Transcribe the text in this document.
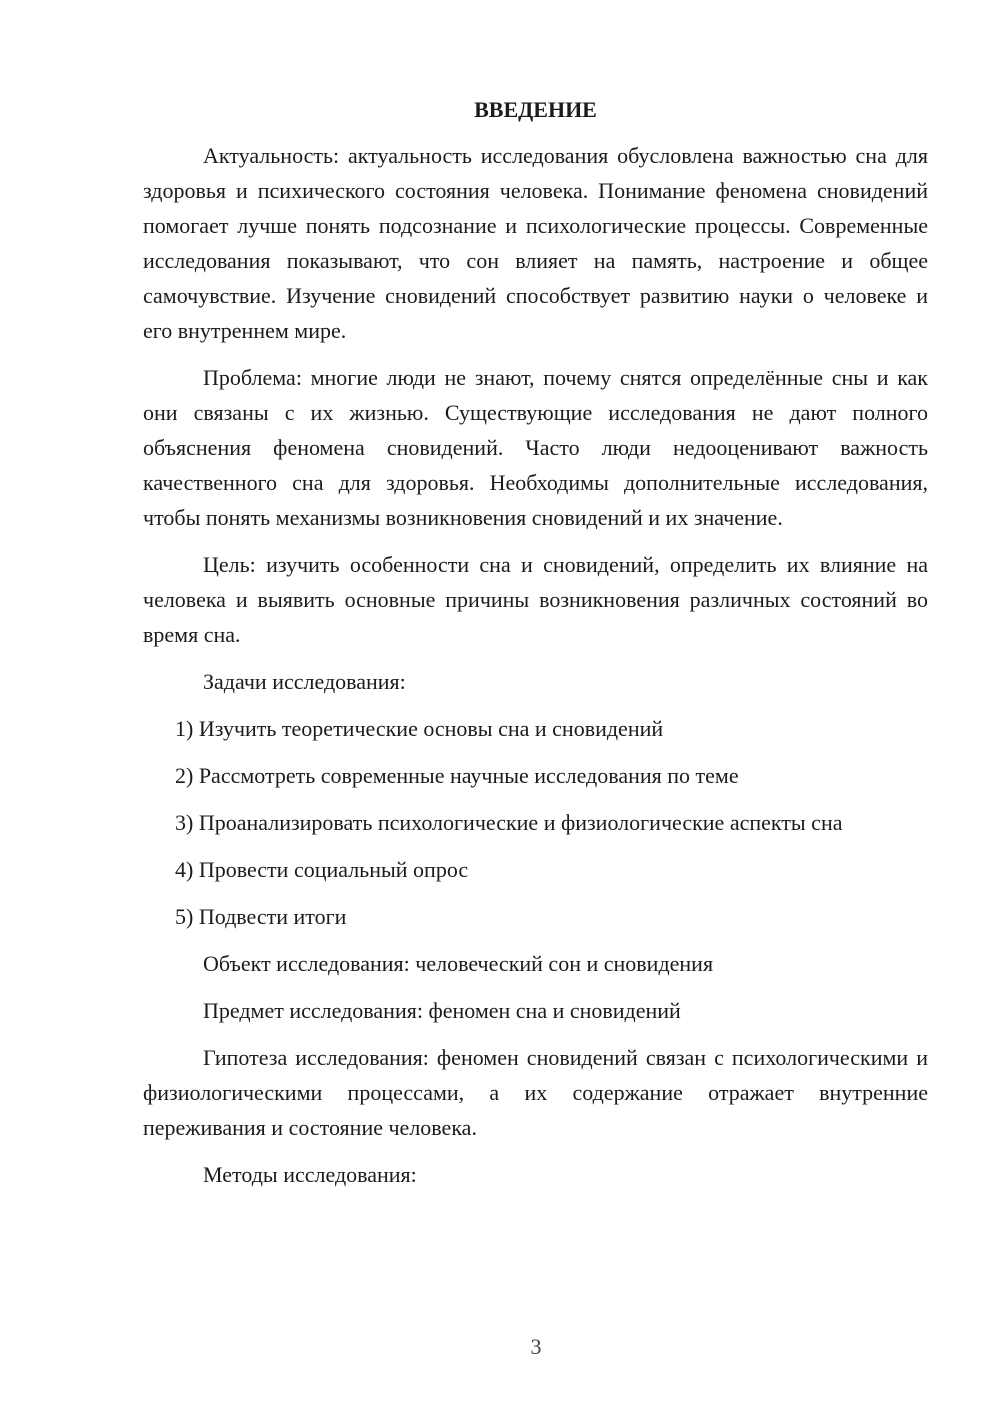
ВВЕДЕНИЕ

Актуальность: актуальность исследования обусловлена важностью сна для здоровья и психического состояния человека. Понимание феномена сновидений помогает лучше понять подсознание и психологические процессы. Современные исследования показывают, что сон влияет на память, настроение и общее самочувствие. Изучение сновидений способствует развитию науки о человеке и его внутреннем мире.

Проблема: многие люди не знают, почему снятся определённые сны и как они связаны с их жизнью. Существующие исследования не дают полного объяснения феномена сновидений. Часто люди недооценивают важность качественного сна для здоровья. Необходимы дополнительные исследования, чтобы понять механизмы возникновения сновидений и их значение.

Цель: изучить особенности сна и сновидений, определить их влияние на человека и выявить основные причины возникновения различных состояний во время сна.

Задачи исследования:

1) Изучить теоретические основы сна и сновидений

2) Рассмотреть современные научные исследования по теме

3) Проанализировать психологические и физиологические аспекты сна

4) Провести социальный опрос

5) Подвести итоги

Объект исследования: человеческий сон и сновидения

Предмет исследования: феномен сна и сновидений

Гипотеза исследования: феномен сновидений связан с психологическими и физиологическими процессами, а их содержание отражает внутренние переживания и состояние человека.

Методы исследования:

3
